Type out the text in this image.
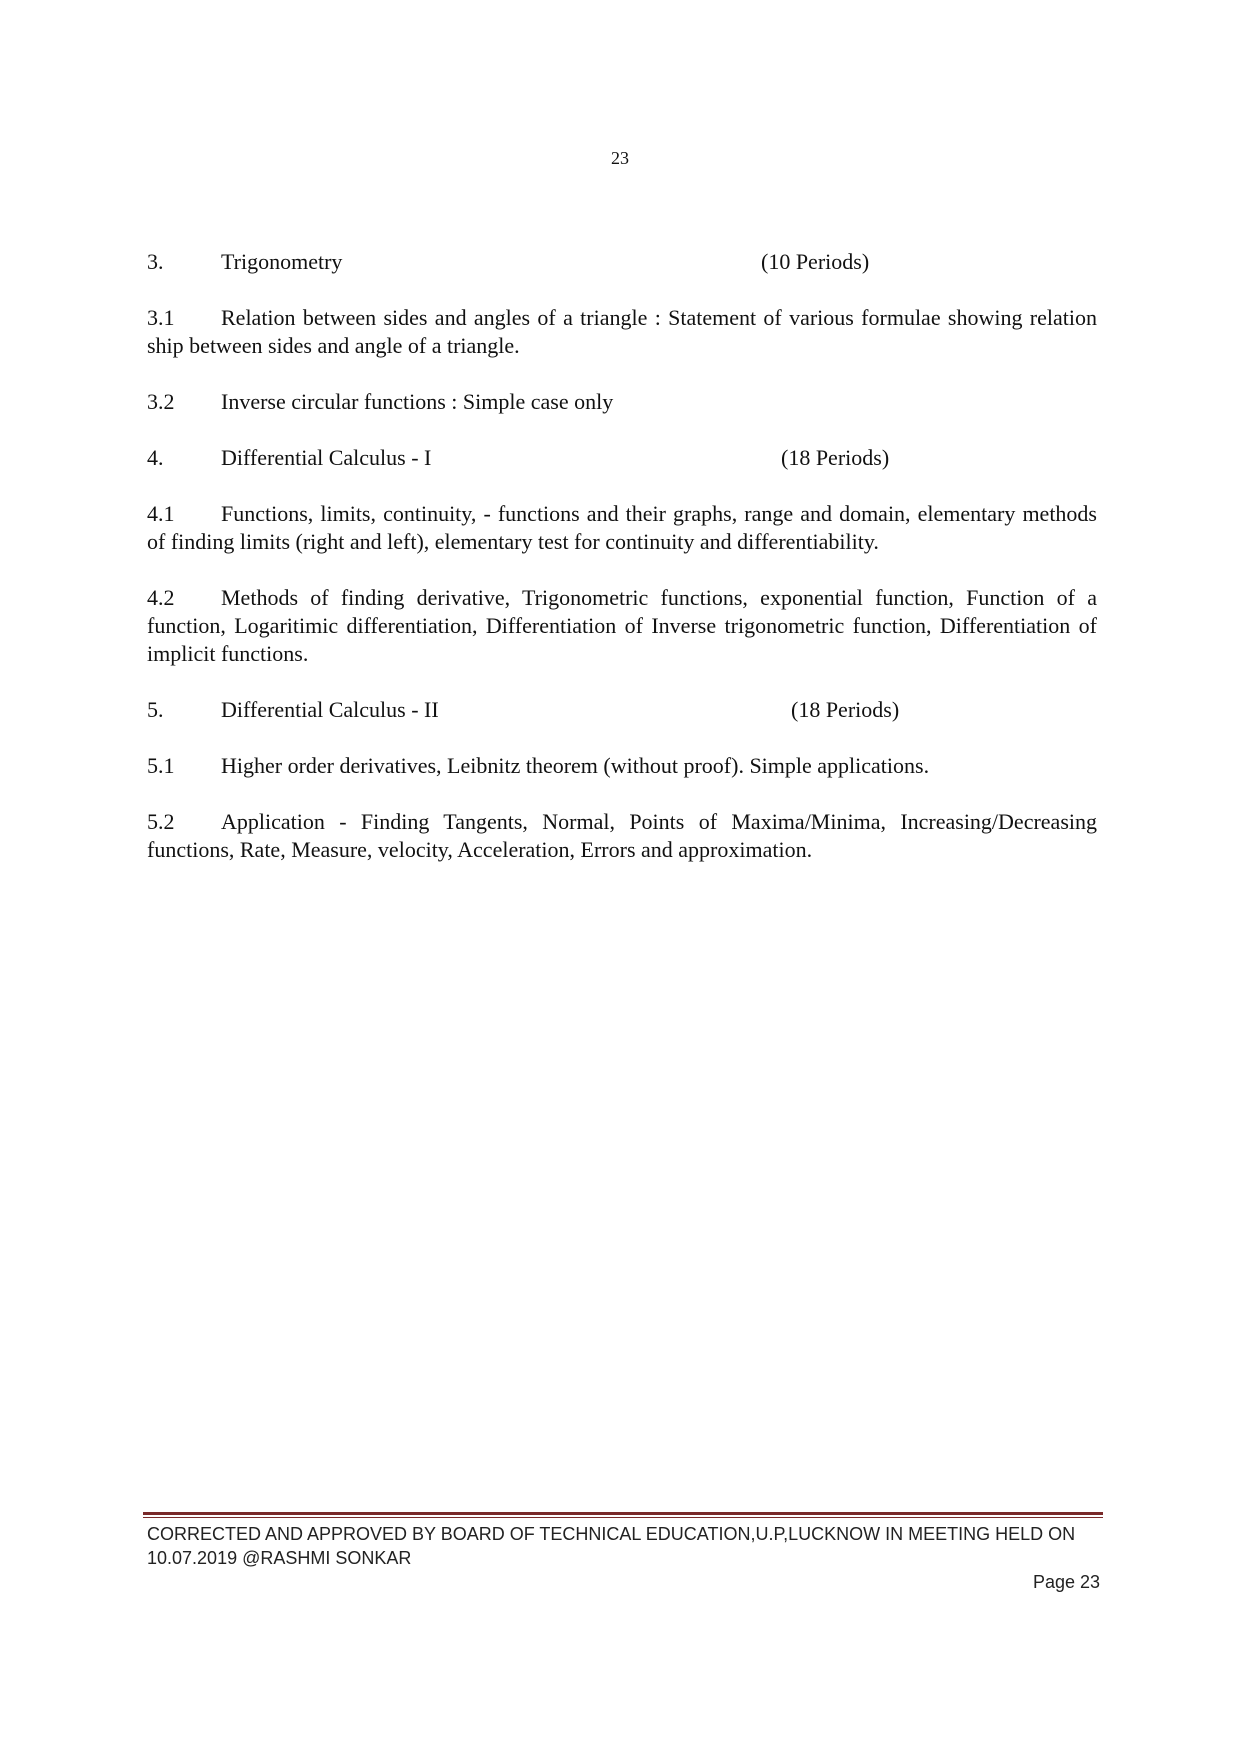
23
3.	Trigonometry	(10 Periods)

3.1 Relation between sides and angles of a triangle : Statement of various formulae showing relation ship between sides and angle of a triangle.

3.2 Inverse circular functions : Simple case only

4.	Differential Calculus - I	(18 Periods)

4.1 Functions, limits, continuity, - functions and their graphs, range and domain, elementary methods of finding limits (right and left), elementary test for continuity and differentiability.

4.2 Methods of finding derivative, Trigonometric functions, exponential function, Function of a function, Logaritimic differentiation, Differentiation of Inverse trigonometric function, Differentiation of implicit functions.

5.	Differential Calculus - II	(18 Periods)

5.1 Higher order derivatives, Leibnitz theorem (without proof). Simple applications.

5.2 Application - Finding Tangents, Normal, Points of Maxima/Minima, Increasing/Decreasing functions, Rate, Measure, velocity, Acceleration, Errors and approximation.

CORRECTED AND APPROVED BY BOARD OF TECHNICAL EDUCATION,U.P,LUCKNOW IN MEETING HELD ON
10.07.2019 @RASHMI SONKAR
Page 23
